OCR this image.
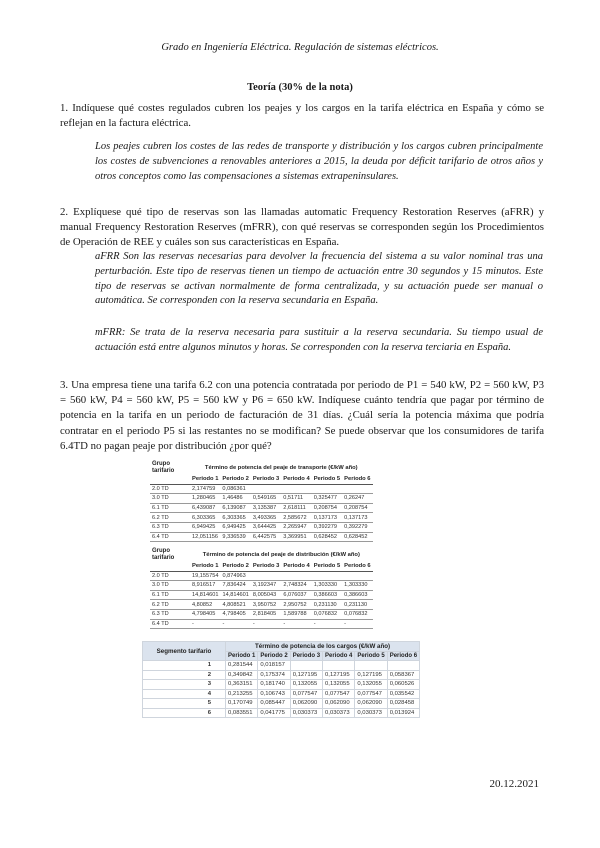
Grado en Ingeniería Eléctrica. Regulación de sistemas eléctricos.
Teoría (30% de la nota)

1. Indíquese qué costes regulados cubren los peajes y los cargos en la tarifa eléctrica en España y cómo se reflejan en la factura eléctrica.

Los peajes cubren los costes de las redes de transporte y distribución y los cargos cubren principalmente los costes de subvenciones a renovables anteriores a 2015, la deuda por déficit tarifario de otros años y otros conceptos como las compensaciones a sistemas extrapeninsulares.

2. Explíquese qué tipo de reservas son las llamadas automatic Frequency Restoration Reserves (aFRR) y manual Frequency Restoration Reserves (mFRR), con qué reservas se corresponden según los Procedimientos de Operación de REE y cuáles son sus características en España.

aFRR Son las reservas necesarias para devolver la frecuencia del sistema a su valor nominal tras una perturbación. Este tipo de reservas tienen un tiempo de actuación entre 30 segundos y 15 minutos. Este tipo de reservas se activan normalmente de forma centralizada, y su actuación puede ser manual o automática. Se corresponden con la reserva secundaria en España.

mFRR: Se trata de la reserva necesaria para sustituir a la reserva secundaria. Su tiempo usual de actuación está entre algunos minutos y horas. Se corresponden con la reserva terciaria en España.

3. Una empresa tiene una tarifa 6.2 con una potencia contratada por periodo de P1 = 540 kW, P2 = 560 kW, P3 = 560 kW, P4 = 560 kW, P5 = 560 kW y P6 = 650 kW. Indíquese cuánto tendría que pagar por término de potencia en la tarifa en un periodo de facturación de 31 días. ¿Cuál sería la potencia máxima que podría contratar en el periodo P5 si las restantes no se modifican? Se puede observar que los consumidores de tarifa 6.4TD no pagan peaje por distribución ¿por qué?

Grupo tarifario	Término de potencia del peaje de transporte (€/kW año)					
	Periodo 1	Periodo 2	Periodo 3	Periodo 4	Periodo 5	Periodo 6
2.0 TD	2,174759	0,086361				
3.0 TD	1,280465	1,46486	0,549165	0,51711	0,325477	0,26247
6.1 TD	6,439087	6,139087	3,135387	2,618111	0,208754	0,208754
6.2 TD	6,303365	6,303365	3,493365	2,585672	0,137173	0,137173
6.3 TD	6,949425	6,949425	3,644425	2,265947	0,392279	0,392279
6.4 TD	12,051156	9,336539	6,442575	3,369951	0,628452	0,628452
Grupo tarifario	Término de potencia del peaje de distribución (€/kW año)					
	Periodo 1	Periodo 2	Periodo 3	Periodo 4	Periodo 5	Periodo 6
2.0 TD	19,155754	0,874963				
3.0 TD	8,916517	7,836424	3,192347	2,748324	1,303330	1,303330
6.1 TD	14,814601	14,814601	8,005043	6,076037	0,386603	0,386603
6.2 TD	4,80852	4,808521	3,950752	2,950752	0,231130	0,231130
6.3 TD	4,798405	4,798405	2,818405	1,589788	0,076832	0,076832
6.4 TD	-	-	-	-	-	-
Segmento tarifario	Término de potencia de los cargos (€/kW año)					
	Periodo 1	Periodo 2	Periodo 3	Periodo 4	Periodo 5	Periodo 6
1	0,281544	0,018157				
2	0,349842	0,175374	0,127195	0,127195	0,127195	0,058367
3	0,363151	0,181740	0,132055	0,132055	0,132055	0,060526
4	0,213255	0,106743	0,077547	0,077547	0,077547	0,035542
5	0,170749	0,085447	0,062090	0,062090	0,062090	0,028458
6	0,083551	0,041775	0,030373	0,030373	0,030373	0,013924
20.12.2021
